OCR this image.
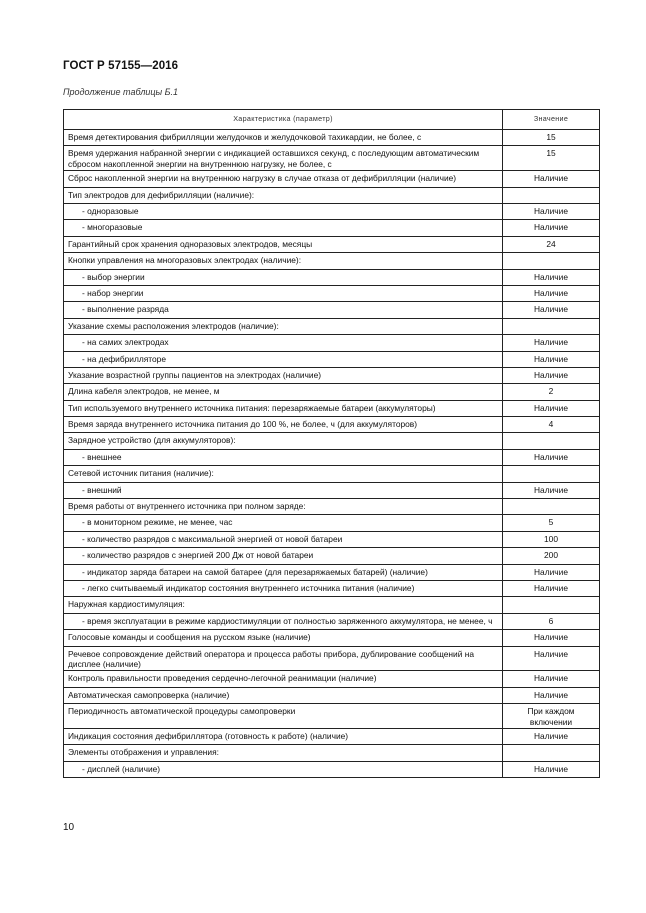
ГОСТ Р 57155—2016
Продолжение таблицы Б.1
Характеристика (параметр)	Значение
Время детектирования фибрилляции желудочков и желудочковой тахикардии, не более, с	15
Время удержания набранной энергии с индикацией оставшихся секунд, с последующим автоматическим сбросом накопленной энергии на внутреннюю нагрузку, не более, с	15
Сброс накопленной энергии на внутреннюю нагрузку в случае отказа от дефибрилляции (наличие)	Наличие
Тип электродов для дефибрилляции (наличие):	
- одноразовые	Наличие
- многоразовые	Наличие
Гарантийный срок хранения одноразовых электродов, месяцы	24
Кнопки управления на многоразовых электродах (наличие):	
- выбор энергии	Наличие
- набор энергии	Наличие
- выполнение разряда	Наличие
Указание схемы расположения электродов (наличие):	
- на самих электродах	Наличие
- на дефибрилляторе	Наличие
Указание возрастной группы пациентов на электродах (наличие)	Наличие
Длина кабеля электродов, не менее, м	2
Тип используемого внутреннего источника питания: перезаряжаемые батареи (аккумуляторы)	Наличие
Время заряда внутреннего источника питания до 100 %, не более, ч (для аккумуляторов)	4
Зарядное устройство (для аккумуляторов):	
- внешнее	Наличие
Сетевой источник питания (наличие):	
- внешний	Наличие
Время работы от внутреннего источника при полном заряде:	
- в мониторном режиме, не менее, час	5
- количество разрядов с максимальной энергией от новой батареи	100
- количество разрядов с энергией 200 Дж от новой батареи	200
- индикатор заряда батареи на самой батарее (для перезаряжаемых батарей) (наличие)	Наличие
- легко считываемый индикатор состояния внутреннего источника питания (наличие)	Наличие
Наружная кардиостимуляция:	
- время эксплуатации в режиме кардиостимуляции от полностью заряженного аккумулятора, не менее, ч	6
Голосовые команды и сообщения на русском языке (наличие)	Наличие
Речевое сопровождение действий оператора и процесса работы прибора, дублирование сообщений на дисплее (наличие)	Наличие
Контроль правильности проведения сердечно-легочной реанимации (наличие)	Наличие
Автоматическая самопроверка (наличие)	Наличие
Периодичность автоматической процедуры самопроверки	При каждом включении
Индикация состояния дефибриллятора (готовность к работе) (наличие)	Наличие
Элементы отображения и управления:	
- дисплей (наличие)	Наличие
10
